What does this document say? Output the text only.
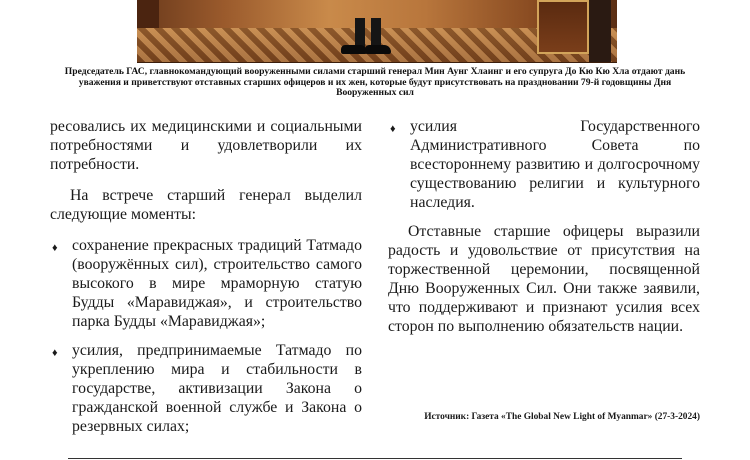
Председатель ГАС, главнокомандующий вооруженными силами старший генерал Мин Аунг Хлаинг и его супруга До Кю Кю Хла отдают дань уважения и приветствуют отставных старших офицеров и их жен, которые будут присутствовать на праздновании 79-й годовщины Дня Вооруженных сил

ресовались их медицинскими и социальными потребностями и удовлетворили их потребности.

На встрече старший генерал выделил следующие моменты:

♦ сохранение прекрасных традиций Татмадо (вооружённых сил), строительство самого высокого в мире мраморную статую Будды «Маравиджая», и строительство парка Будды «Маравиджая»;
♦ усилия, предпринимаемые Татмадо по укреплению мира и стабильности в государстве, активизации Закона о гражданской военной службе и Закона о резервных силах;
♦ усилия Государственного Административного Совета по всестороннему развитию и долгосрочному существованию религии и культурного наследия.

Отставные старшие офицеры выразили радость и удовольствие от присутствия на торжественной церемонии, посвященной Дню Вооруженных Сил. Они также заявили, что поддерживают и признают усилия всех сторон по выполнению обязательств нации.

Источник: Газета «The Global New Light of Myanmar» (27-3-2024)
